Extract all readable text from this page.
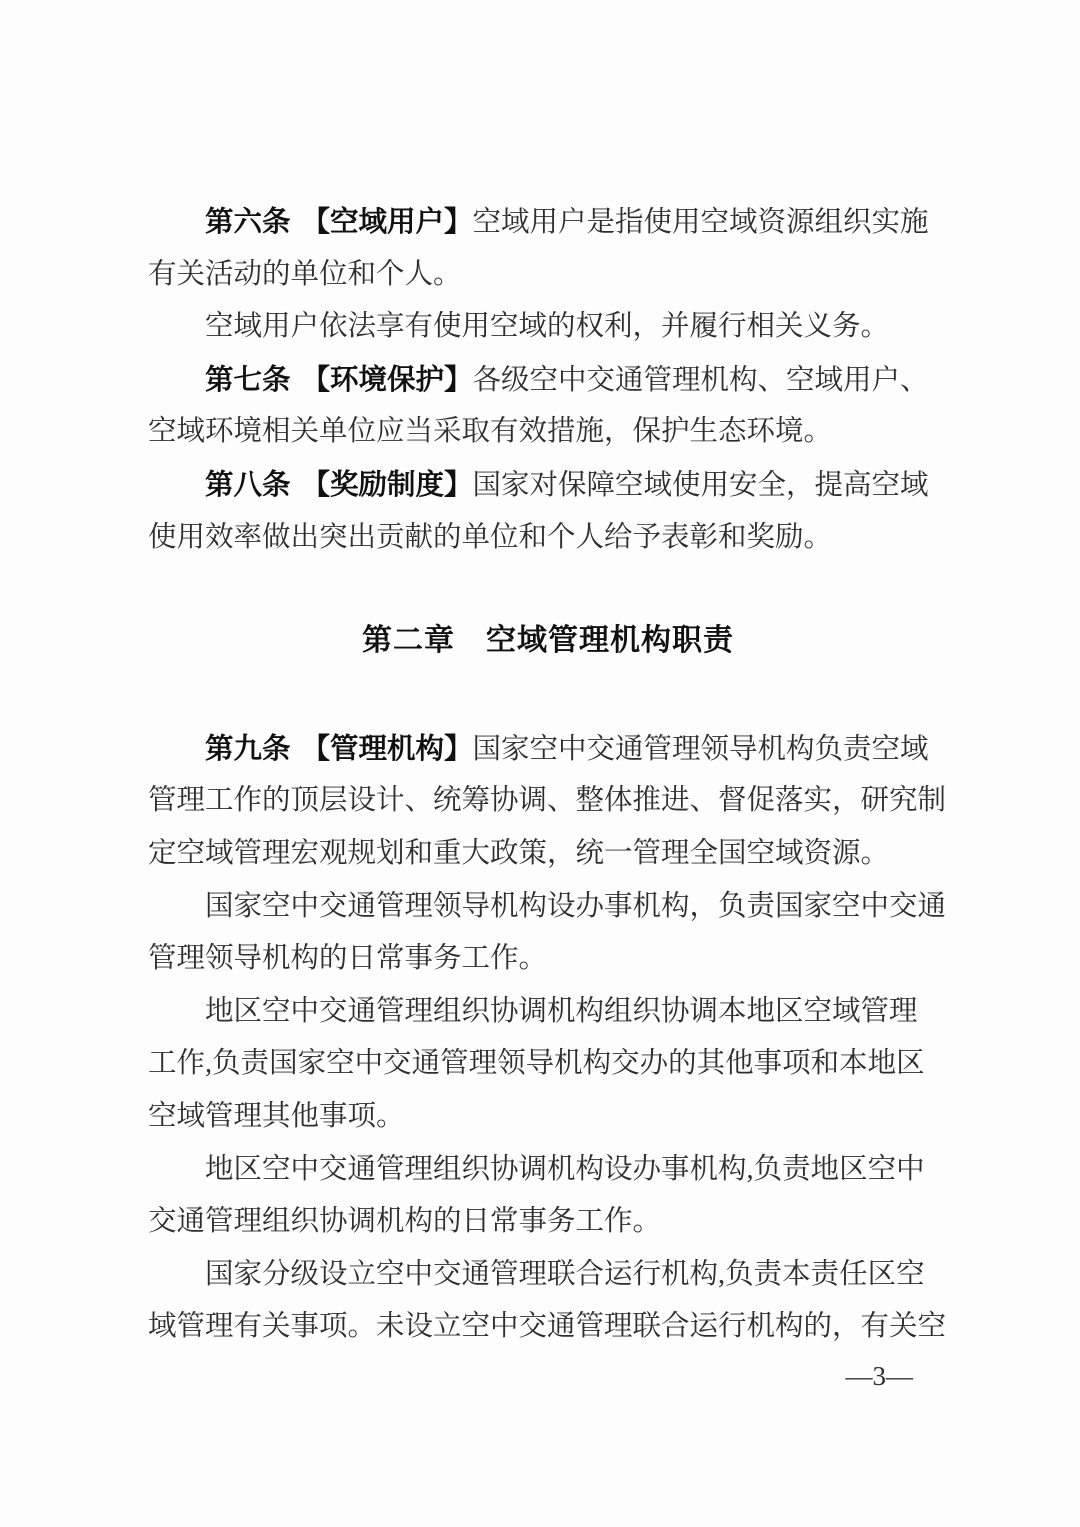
第六条 【空域用户】空域用户是指使用空域资源组织实施
有关活动的单位和个人。
空域用户依法享有使用空域的权利，并履行相关义务。
第七条 【环境保护】各级空中交通管理机构、空域用户、
空域环境相关单位应当采取有效措施，保护生态环境。
第八条 【奖励制度】国家对保障空域使用安全，提高空域
使用效率做出突出贡献的单位和个人给予表彰和奖励。
第二章　空域管理机构职责
第九条 【管理机构】国家空中交通管理领导机构负责空域
管理工作的顶层设计、统筹协调、整体推进、督促落实，研究制
定空域管理宏观规划和重大政策，统一管理全国空域资源。
国家空中交通管理领导机构设办事机构，负责国家空中交通
管理领导机构的日常事务工作。
地区空中交通管理组织协调机构组织协调本地区空域管理
工作,负责国家空中交通管理领导机构交办的其他事项和本地区
空域管理其他事项。
地区空中交通管理组织协调机构设办事机构,负责地区空中
交通管理组织协调机构的日常事务工作。
国家分级设立空中交通管理联合运行机构,负责本责任区空
域管理有关事项。未设立空中交通管理联合运行机构的，有关空
—3—
